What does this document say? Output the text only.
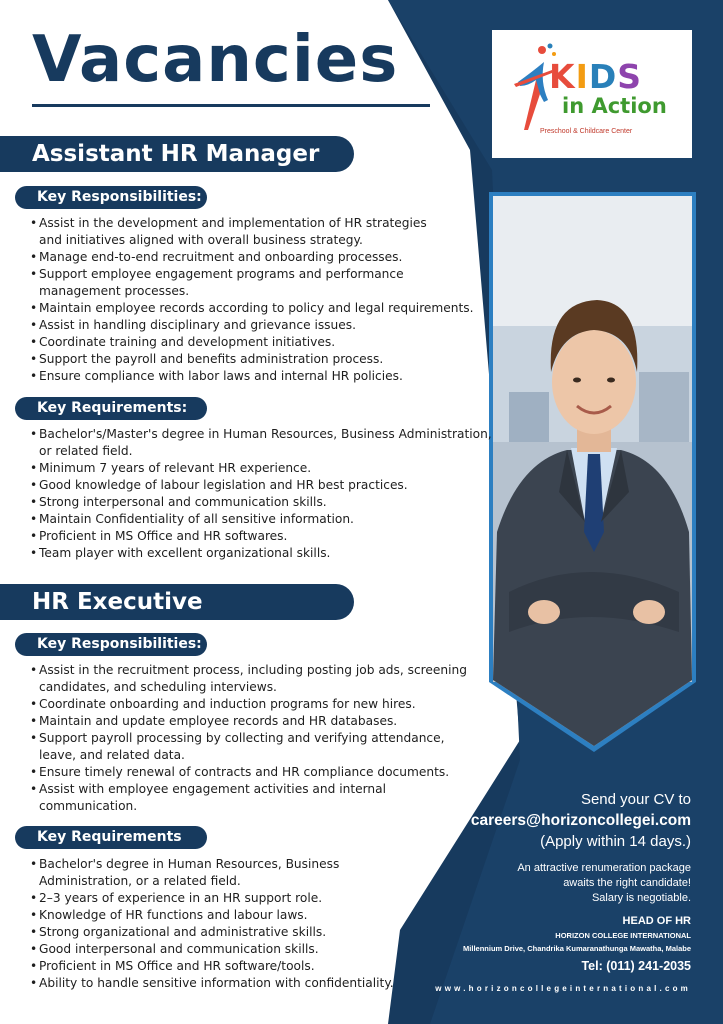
Vacancies	KIDS
in Action
Preschool & Childcare Center
Assistant HR Manager
Key Responsibilities:
• Assist in the development and implementation of HR strategies
and initiatives aligned with overall business strategy.
• Manage end-to-end recruitment and onboarding processes.
• Support employee engagement programs and performance
management processes.
• Maintain employee records according to policy and legal requirements.
• Assist in handling disciplinary and grievance issues.
• Coordinate training and development initiatives.
• Support the payroll and benefits administration process.
• Ensure compliance with labor laws and internal HR policies.
Key Requirements:
• Bachelor's/Master's degree in Human Resources, Business Administration,
or related field.
• Minimum 7 years of relevant HR experience.
• Good knowledge of labour legislation and HR best practices.
• Strong interpersonal and communication skills.
• Maintain Confidentiality of all sensitive information.
• Proficient in MS Office and HR softwares.
• Team player with excellent organizational skills.
HR Executive
Key Responsibilities:
• Assist in the recruitment process, including posting job ads, screening
candidates, and scheduling interviews.
• Coordinate onboarding and induction programs for new hires.
• Maintain and update employee records and HR databases.
• Support payroll processing by collecting and verifying attendance,
leave, and related data.
• Ensure timely renewal of contracts and HR compliance documents.
• Assist with employee engagement activities and internal
communication.
Key Requirements
• Bachelor's degree in Human Resources, Business
Administration, or a related field.
• 2–3 years of experience in an HR support role.
• Knowledge of HR functions and labour laws.
• Strong organizational and administrative skills.
• Good interpersonal and communication skills.
• Proficient in MS Office and HR software/tools.
• Ability to handle sensitive information with confidentiality.
Send your CV to
careers@horizoncollegei.com
(Apply within 14 days.)
An attractive renumeration package
awaits the right candidate!
Salary is negotiable.
HEAD OF HR
HORIZON COLLEGE INTERNATIONAL
Millennium Drive, Chandrika Kumaranathunga Mawatha, Malabe
Tel: (011) 241-2035
www.horizoncollegeinternational.com
